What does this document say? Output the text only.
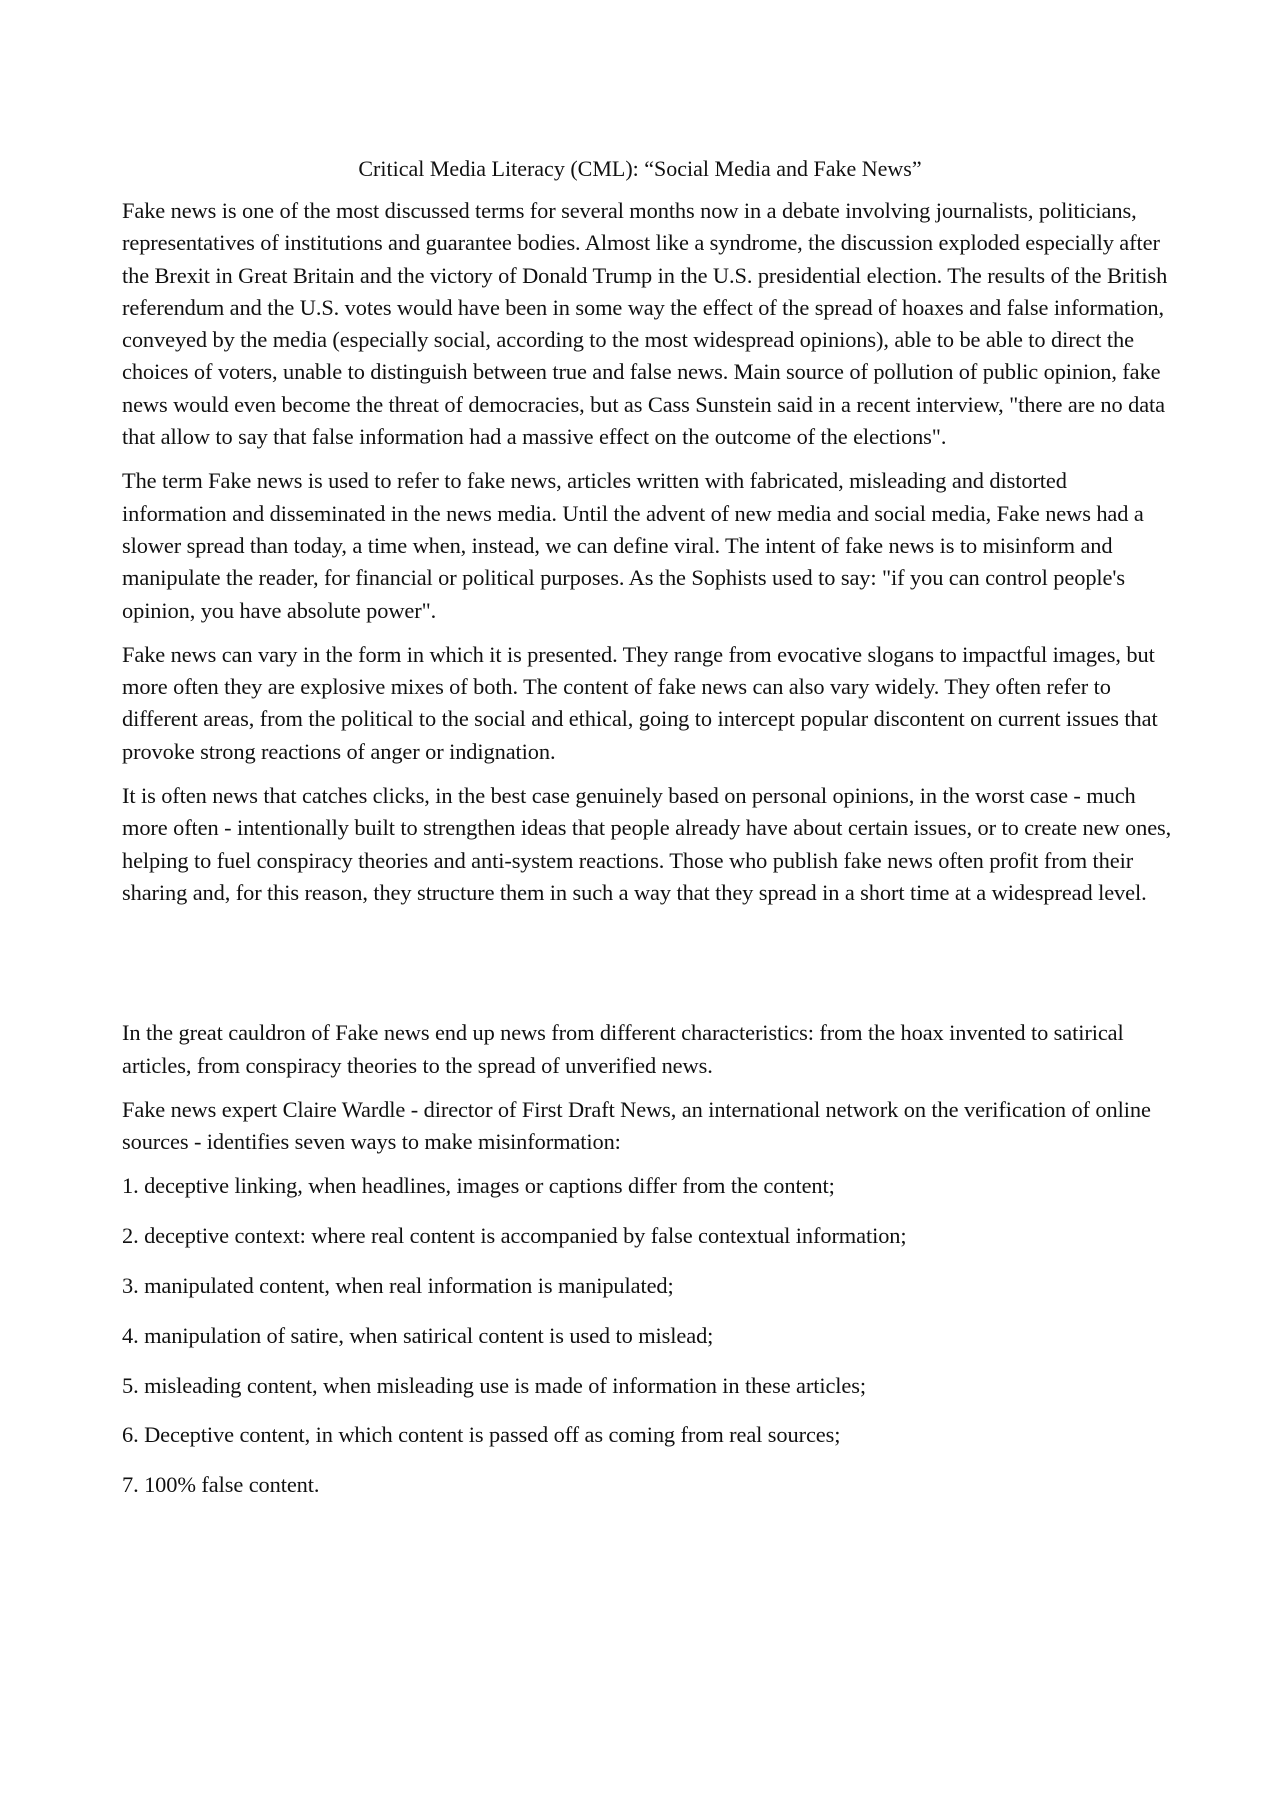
Critical Media Literacy (CML): “Social Media and Fake News”

Fake news is one of the most discussed terms for several months now in a debate involving journalists, politicians, representatives of institutions and guarantee bodies. Almost like a syndrome, the discussion exploded especially after the Brexit in Great Britain and the victory of Donald Trump in the U.S. presidential election. The results of the British referendum and the U.S. votes would have been in some way the effect of the spread of hoaxes and false information, conveyed by the media (especially social, according to the most widespread opinions), able to be able to direct the choices of voters, unable to distinguish between true and false news. Main source of pollution of public opinion, fake news would even become the threat of democracies, but as Cass Sunstein said in a recent interview, "there are no data that allow to say that false information had a massive effect on the outcome of the elections".

The term Fake news is used to refer to fake news, articles written with fabricated, misleading and distorted information and disseminated in the news media. Until the advent of new media and social media, Fake news had a slower spread than today, a time when, instead, we can define viral. The intent of fake news is to misinform and manipulate the reader, for financial or political purposes. As the Sophists used to say: "if you can control people's opinion, you have absolute power".

Fake news can vary in the form in which it is presented. They range from evocative slogans to impactful images, but more often they are explosive mixes of both. The content of fake news can also vary widely. They often refer to different areas, from the political to the social and ethical, going to intercept popular discontent on current issues that provoke strong reactions of anger or indignation.

It is often news that catches clicks, in the best case genuinely based on personal opinions, in the worst case - much more often - intentionally built to strengthen ideas that people already have about certain issues, or to create new ones, helping to fuel conspiracy theories and anti-system reactions. Those who publish fake news often profit from their sharing and, for this reason, they structure them in such a way that they spread in a short time at a widespread level.

In the great cauldron of Fake news end up news from different characteristics: from the hoax invented to satirical articles, from conspiracy theories to the spread of unverified news.

Fake news expert Claire Wardle - director of First Draft News, an international network on the verification of online sources - identifies seven ways to make misinformation:

1. deceptive linking, when headlines, images or captions differ from the content;
2. deceptive context: where real content is accompanied by false contextual information;
3. manipulated content, when real information is manipulated;
4. manipulation of satire, when satirical content is used to mislead;
5. misleading content, when misleading use is made of information in these articles;
6. Deceptive content, in which content is passed off as coming from real sources;
7. 100% false content.
